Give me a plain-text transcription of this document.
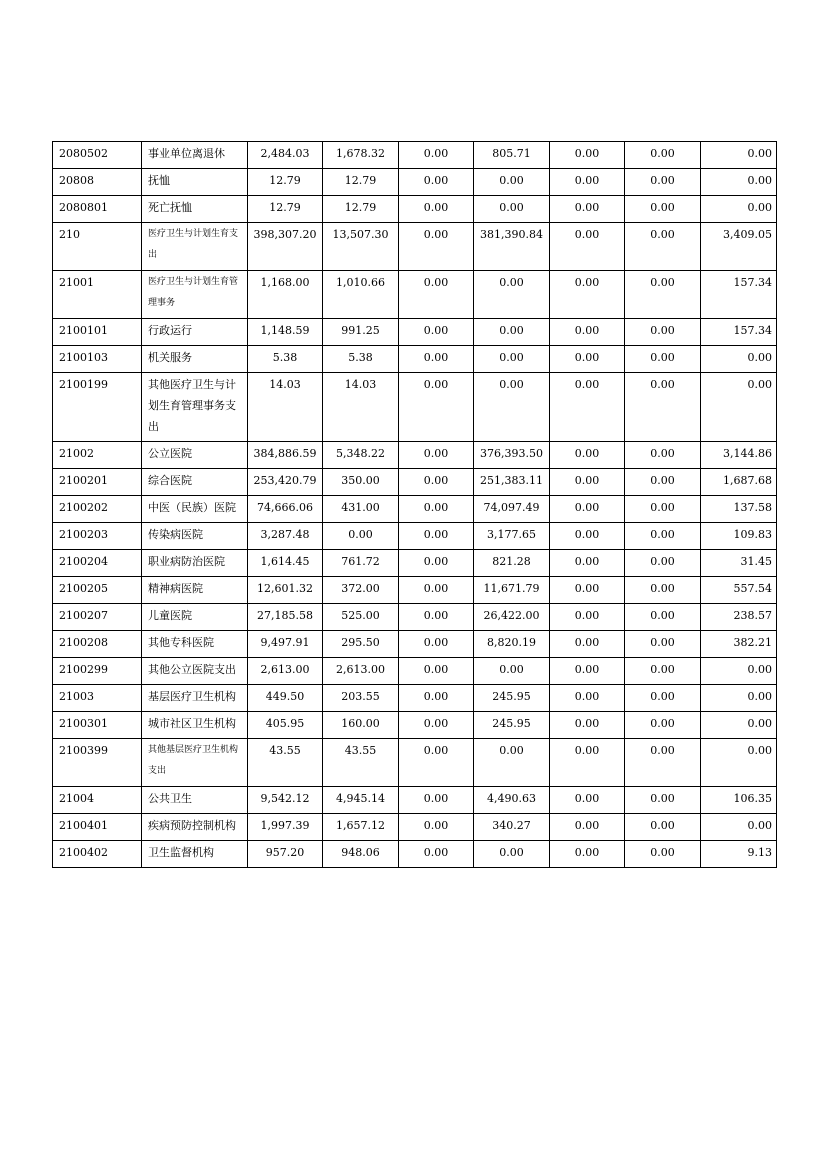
2080502	事业单位离退休	2,484.03	1,678.32	0.00	805.71	0.00	0.00	0.00
20808	抚恤	12.79	12.79	0.00	0.00	0.00	0.00	0.00
2080801	死亡抚恤	12.79	12.79	0.00	0.00	0.00	0.00	0.00
210	医疗卫生与计划生育支出	398,307.20	13,507.30	0.00	381,390.84	0.00	0.00	3,409.05
21001	医疗卫生与计划生育管理事务	1,168.00	1,010.66	0.00	0.00	0.00	0.00	157.34
2100101	行政运行	1,148.59	991.25	0.00	0.00	0.00	0.00	157.34
2100103	机关服务	5.38	5.38	0.00	0.00	0.00	0.00	0.00
2100199	其他医疗卫生与计划生育管理事务支出	14.03	14.03	0.00	0.00	0.00	0.00	0.00
21002	公立医院	384,886.59	5,348.22	0.00	376,393.50	0.00	0.00	3,144.86
2100201	综合医院	253,420.79	350.00	0.00	251,383.11	0.00	0.00	1,687.68
2100202	中医（民族）医院	74,666.06	431.00	0.00	74,097.49	0.00	0.00	137.58
2100203	传染病医院	3,287.48	0.00	0.00	3,177.65	0.00	0.00	109.83
2100204	职业病防治医院	1,614.45	761.72	0.00	821.28	0.00	0.00	31.45
2100205	精神病医院	12,601.32	372.00	0.00	11,671.79	0.00	0.00	557.54
2100207	儿童医院	27,185.58	525.00	0.00	26,422.00	0.00	0.00	238.57
2100208	其他专科医院	9,497.91	295.50	0.00	8,820.19	0.00	0.00	382.21
2100299	其他公立医院支出	2,613.00	2,613.00	0.00	0.00	0.00	0.00	0.00
21003	基层医疗卫生机构	449.50	203.55	0.00	245.95	0.00	0.00	0.00
2100301	城市社区卫生机构	405.95	160.00	0.00	245.95	0.00	0.00	0.00
2100399	其他基层医疗卫生机构支出	43.55	43.55	0.00	0.00	0.00	0.00	0.00
21004	公共卫生	9,542.12	4,945.14	0.00	4,490.63	0.00	0.00	106.35
2100401	疾病预防控制机构	1,997.39	1,657.12	0.00	340.27	0.00	0.00	0.00
2100402	卫生监督机构	957.20	948.06	0.00	0.00	0.00	0.00	9.13
